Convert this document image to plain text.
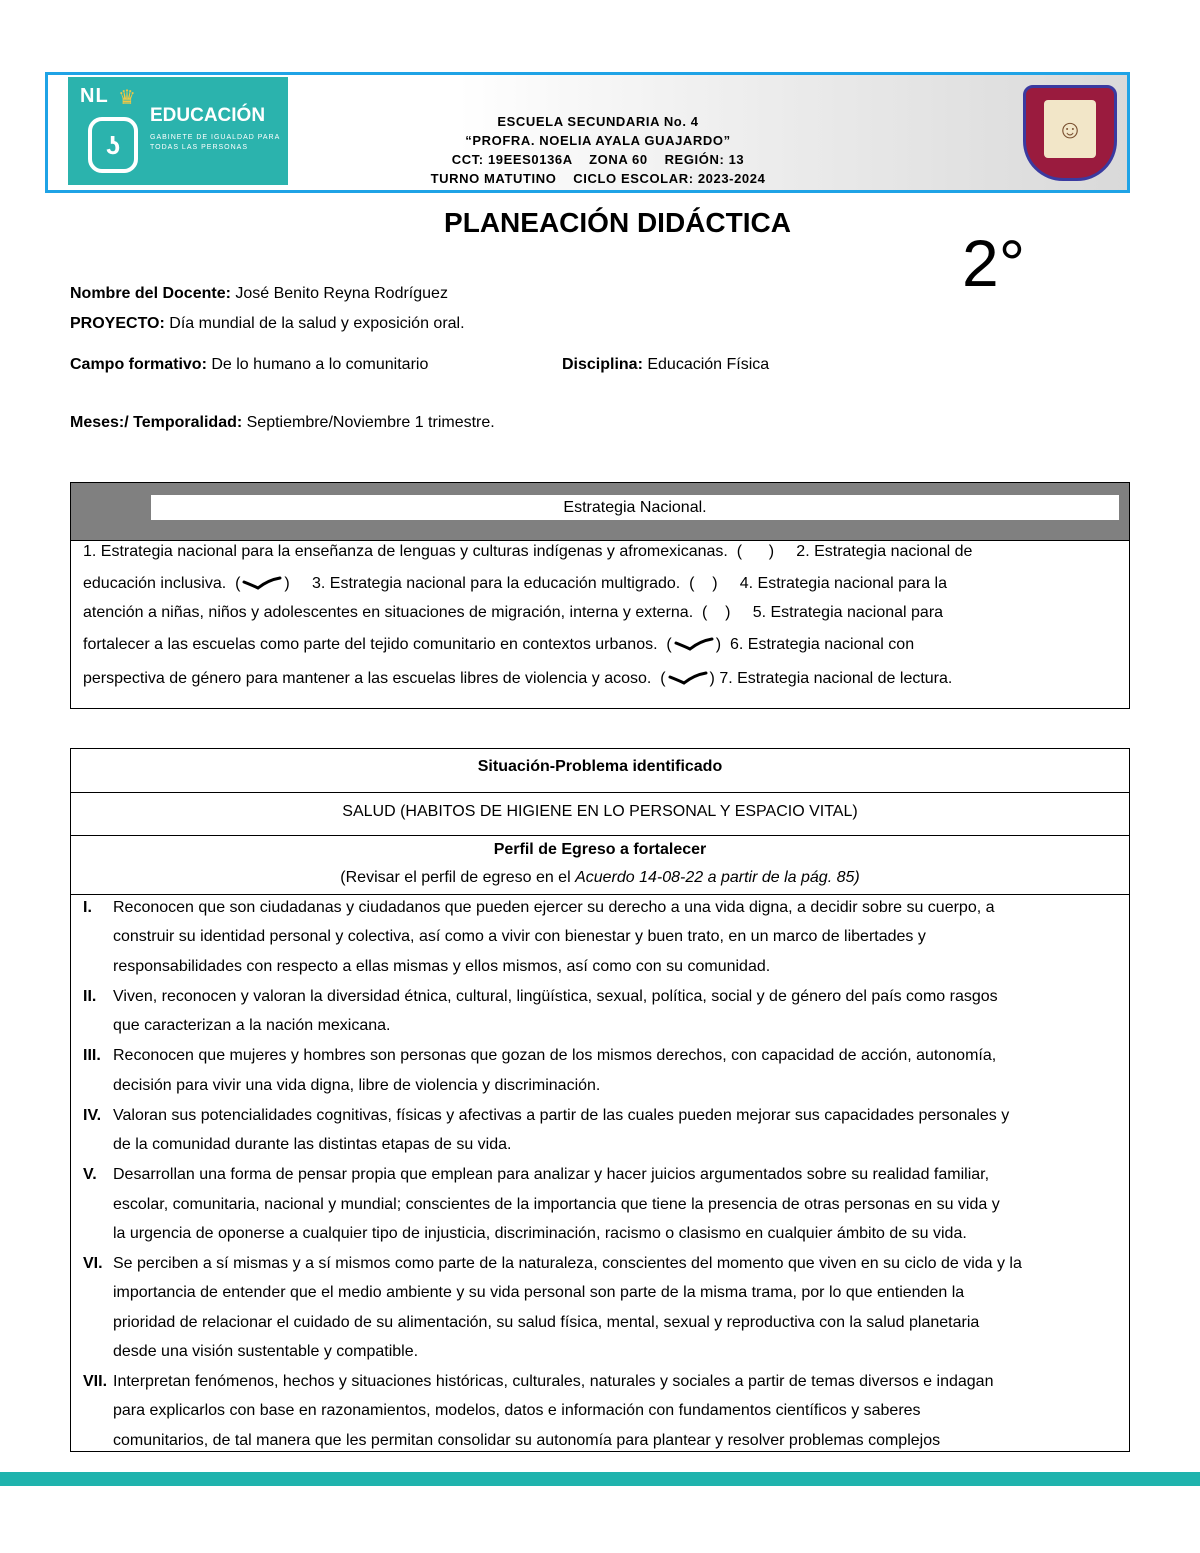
NL ♛
ʖ
EDUCACIÓN
GABINETE DE IGUALDAD PARA TODAS LAS PERSONAS
ESCUELA SECUNDARIA No. 4
“PROFRA. NOELIA AYALA GUAJARDO”
CCT: 19EES0136A    ZONA 60    REGIÓN: 13
TURNO MATUTINO    CICLO ESCOLAR: 2023-2024
☺
PLANEACIÓN DIDÁCTICA
2°
Nombre del Docente: José Benito Reyna Rodríguez
PROYECTO: Día mundial de la salud y exposición oral.
Campo formativo: De lo humano a lo comunitario	Disciplina: Educación Física
Meses:/ Temporalidad: Septiembre/Noviembre 1 trimestre.
Estrategia Nacional.
1. Estrategia nacional para la enseñanza de lenguas y culturas indígenas y afromexicanas.  (      )     2. Estrategia nacional de
educación inclusiva.  (	)     3. Estrategia nacional para la educación multigrado.  (    )     4. Estrategia nacional para la
atención a niñas, niños y adolescentes en situaciones de migración, interna y externa.  (    )     5. Estrategia nacional para
fortalecer a las escuelas como parte del tejido comunitario en contextos urbanos.  (	)  6. Estrategia nacional con
perspectiva de género para mantener a las escuelas libres de violencia y acoso.  (	) 7. Estrategia nacional de lectura.
Situación-Problema identificado
SALUD (HABITOS DE HIGIENE EN LO PERSONAL Y ESPACIO VITAL)
Perfil de Egreso a fortalecer
(Revisar el perfil de egreso en el Acuerdo 14-08-22 a partir de la pág. 85)
I. Reconocen que son ciudadanas y ciudadanos que pueden ejercer su derecho a una vida digna, a decidir sobre su cuerpo, a
construir su identidad personal y colectiva, así como a vivir con bienestar y buen trato, en un marco de libertades y
responsabilidades con respecto a ellas mismas y ellos mismos, así como con su comunidad.
II. Viven, reconocen y valoran la diversidad étnica, cultural, lingüística, sexual, política, social y de género del país como rasgos
que caracterizan a la nación mexicana.
III. Reconocen que mujeres y hombres son personas que gozan de los mismos derechos, con capacidad de acción, autonomía,
decisión para vivir una vida digna, libre de violencia y discriminación.
IV. Valoran sus potencialidades cognitivas, físicas y afectivas a partir de las cuales pueden mejorar sus capacidades personales y
de la comunidad durante las distintas etapas de su vida.
V. Desarrollan una forma de pensar propia que emplean para analizar y hacer juicios argumentados sobre su realidad familiar,
escolar, comunitaria, nacional y mundial; conscientes de la importancia que tiene la presencia de otras personas en su vida y
la urgencia de oponerse a cualquier tipo de injusticia, discriminación, racismo o clasismo en cualquier ámbito de su vida.
VI. Se perciben a sí mismas y a sí mismos como parte de la naturaleza, conscientes del momento que viven en su ciclo de vida y la
importancia de entender que el medio ambiente y su vida personal son parte de la misma trama, por lo que entienden la
prioridad de relacionar el cuidado de su alimentación, su salud física, mental, sexual y reproductiva con la salud planetaria
desde una visión sustentable y compatible.
VII. Interpretan fenómenos, hechos y situaciones históricas, culturales, naturales y sociales a partir de temas diversos e indagan
para explicarlos con base en razonamientos, modelos, datos e información con fundamentos científicos y saberes
comunitarios, de tal manera que les permitan consolidar su autonomía para plantear y resolver problemas complejos
